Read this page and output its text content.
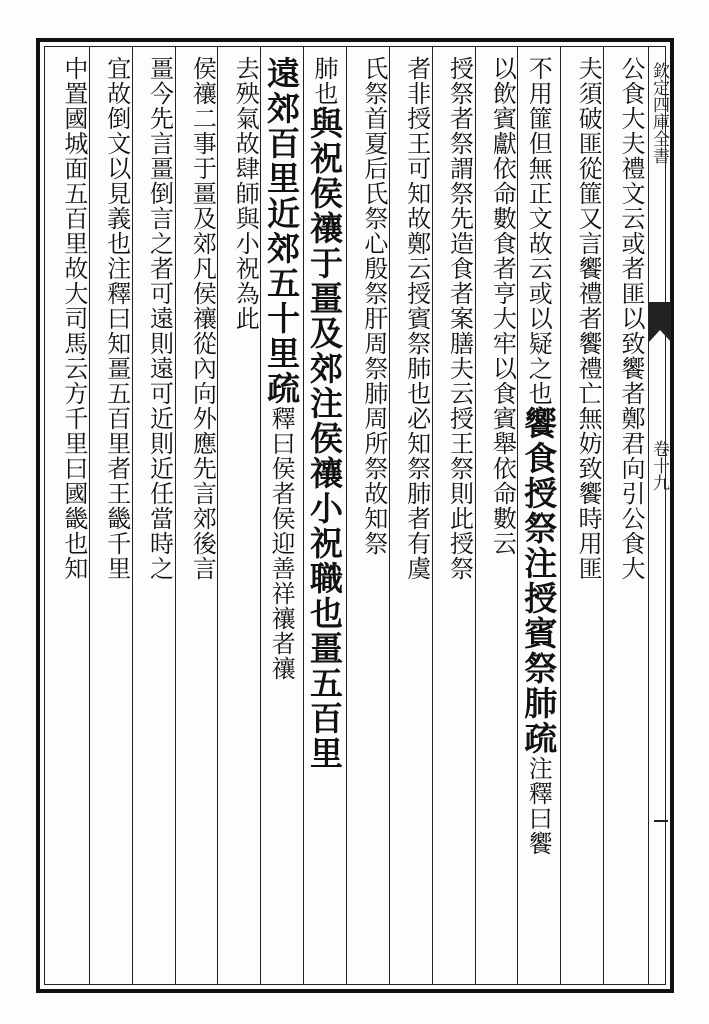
欽定四庫全書
卷十九
公食大夫禮文云或者匪以致饗者鄭君向引公食大
夫須破匪從篚又言饗禮者饗禮亡無妨致饗時用匪
不用篚但無正文故云或以疑之也饗食授祭注授賓祭肺疏注釋曰饗
以飲賓獻依命數食者亨大牢以食賓舉依命數云
授祭者祭謂祭先造食者案膳夫云授王祭則此授祭
者非授王可知故鄭云授賓祭肺也必知祭肺者有虞
氏祭首夏后氏祭心殷祭肝周祭肺周所祭故知祭
肺也與祝侯禳于畺及郊注侯禳小祝職也畺五百里
遠郊百里近郊五十里疏釋曰侯者侯迎善祥禳者禳
去殃氣故肆師與小祝為此
侯禳二事于畺及郊凡侯禳從內向外應先言郊後言
畺今先言畺倒言之者可遠則遠可近則近任當時之
宜故倒文以見義也注釋曰知畺五百里者王畿千里
中置國城面五百里故大司馬云方千里曰國畿也知
